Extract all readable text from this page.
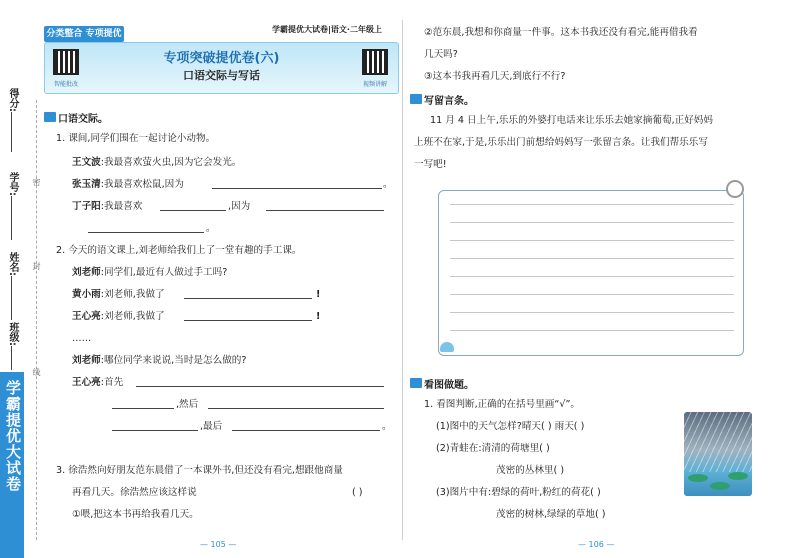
得分:
学号:
姓名:
班级:
密
封
线
学霸提优大试卷
分类整合 专项提优	学霸提优大试卷|语文·二年级上
智能批改
专项突破提优卷(六)
口语交际与写话
视频讲解
口语交际。
1. 课间,同学们围在一起讨论小动物。
王文波:我最喜欢萤火虫,因为它会发光。
张玉清:我最喜欢松鼠,因为	。
丁子阳:我最喜欢	,因为
。
2. 今天的语文课上,刘老师给我们上了一堂有趣的手工课。
刘老师:同学们,最近有人做过手工吗?
黄小雨:刘老师,我做了	!
王心亮:刘老师,我做了	!
……
刘老师:哪位同学来说说,当时是怎么做的?
王心亮:首先
,然后
,最后	。
3. 徐浩然向好朋友范东晨借了一本课外书,但还没有看完,想跟他商量
再看几天。徐浩然应该这样说	( )
①喂,把这本书再给我看几天。
— 105 —
②范东晨,我想和你商量一件事。这本书我还没有看完,能再借我看
几天吗?
③这本书我再看几天,到底行不行?
写留言条。
11 月 4 日上午,乐乐的外婆打电话来让乐乐去她家摘葡萄,正好妈妈
上班不在家,于是,乐乐出门前想给妈妈写一张留言条。让我们帮乐乐写
一写吧!
看图做题。
1. 看图判断,正确的在括号里画“√”。
(1)图中的天气怎样?晴天( ) 雨天( )
(2)青蛙在:清清的荷塘里( )
茂密的丛林里( )
(3)图片中有:碧绿的荷叶,粉红的荷花( )
茂密的树林,绿绿的草地( )
— 106 —
